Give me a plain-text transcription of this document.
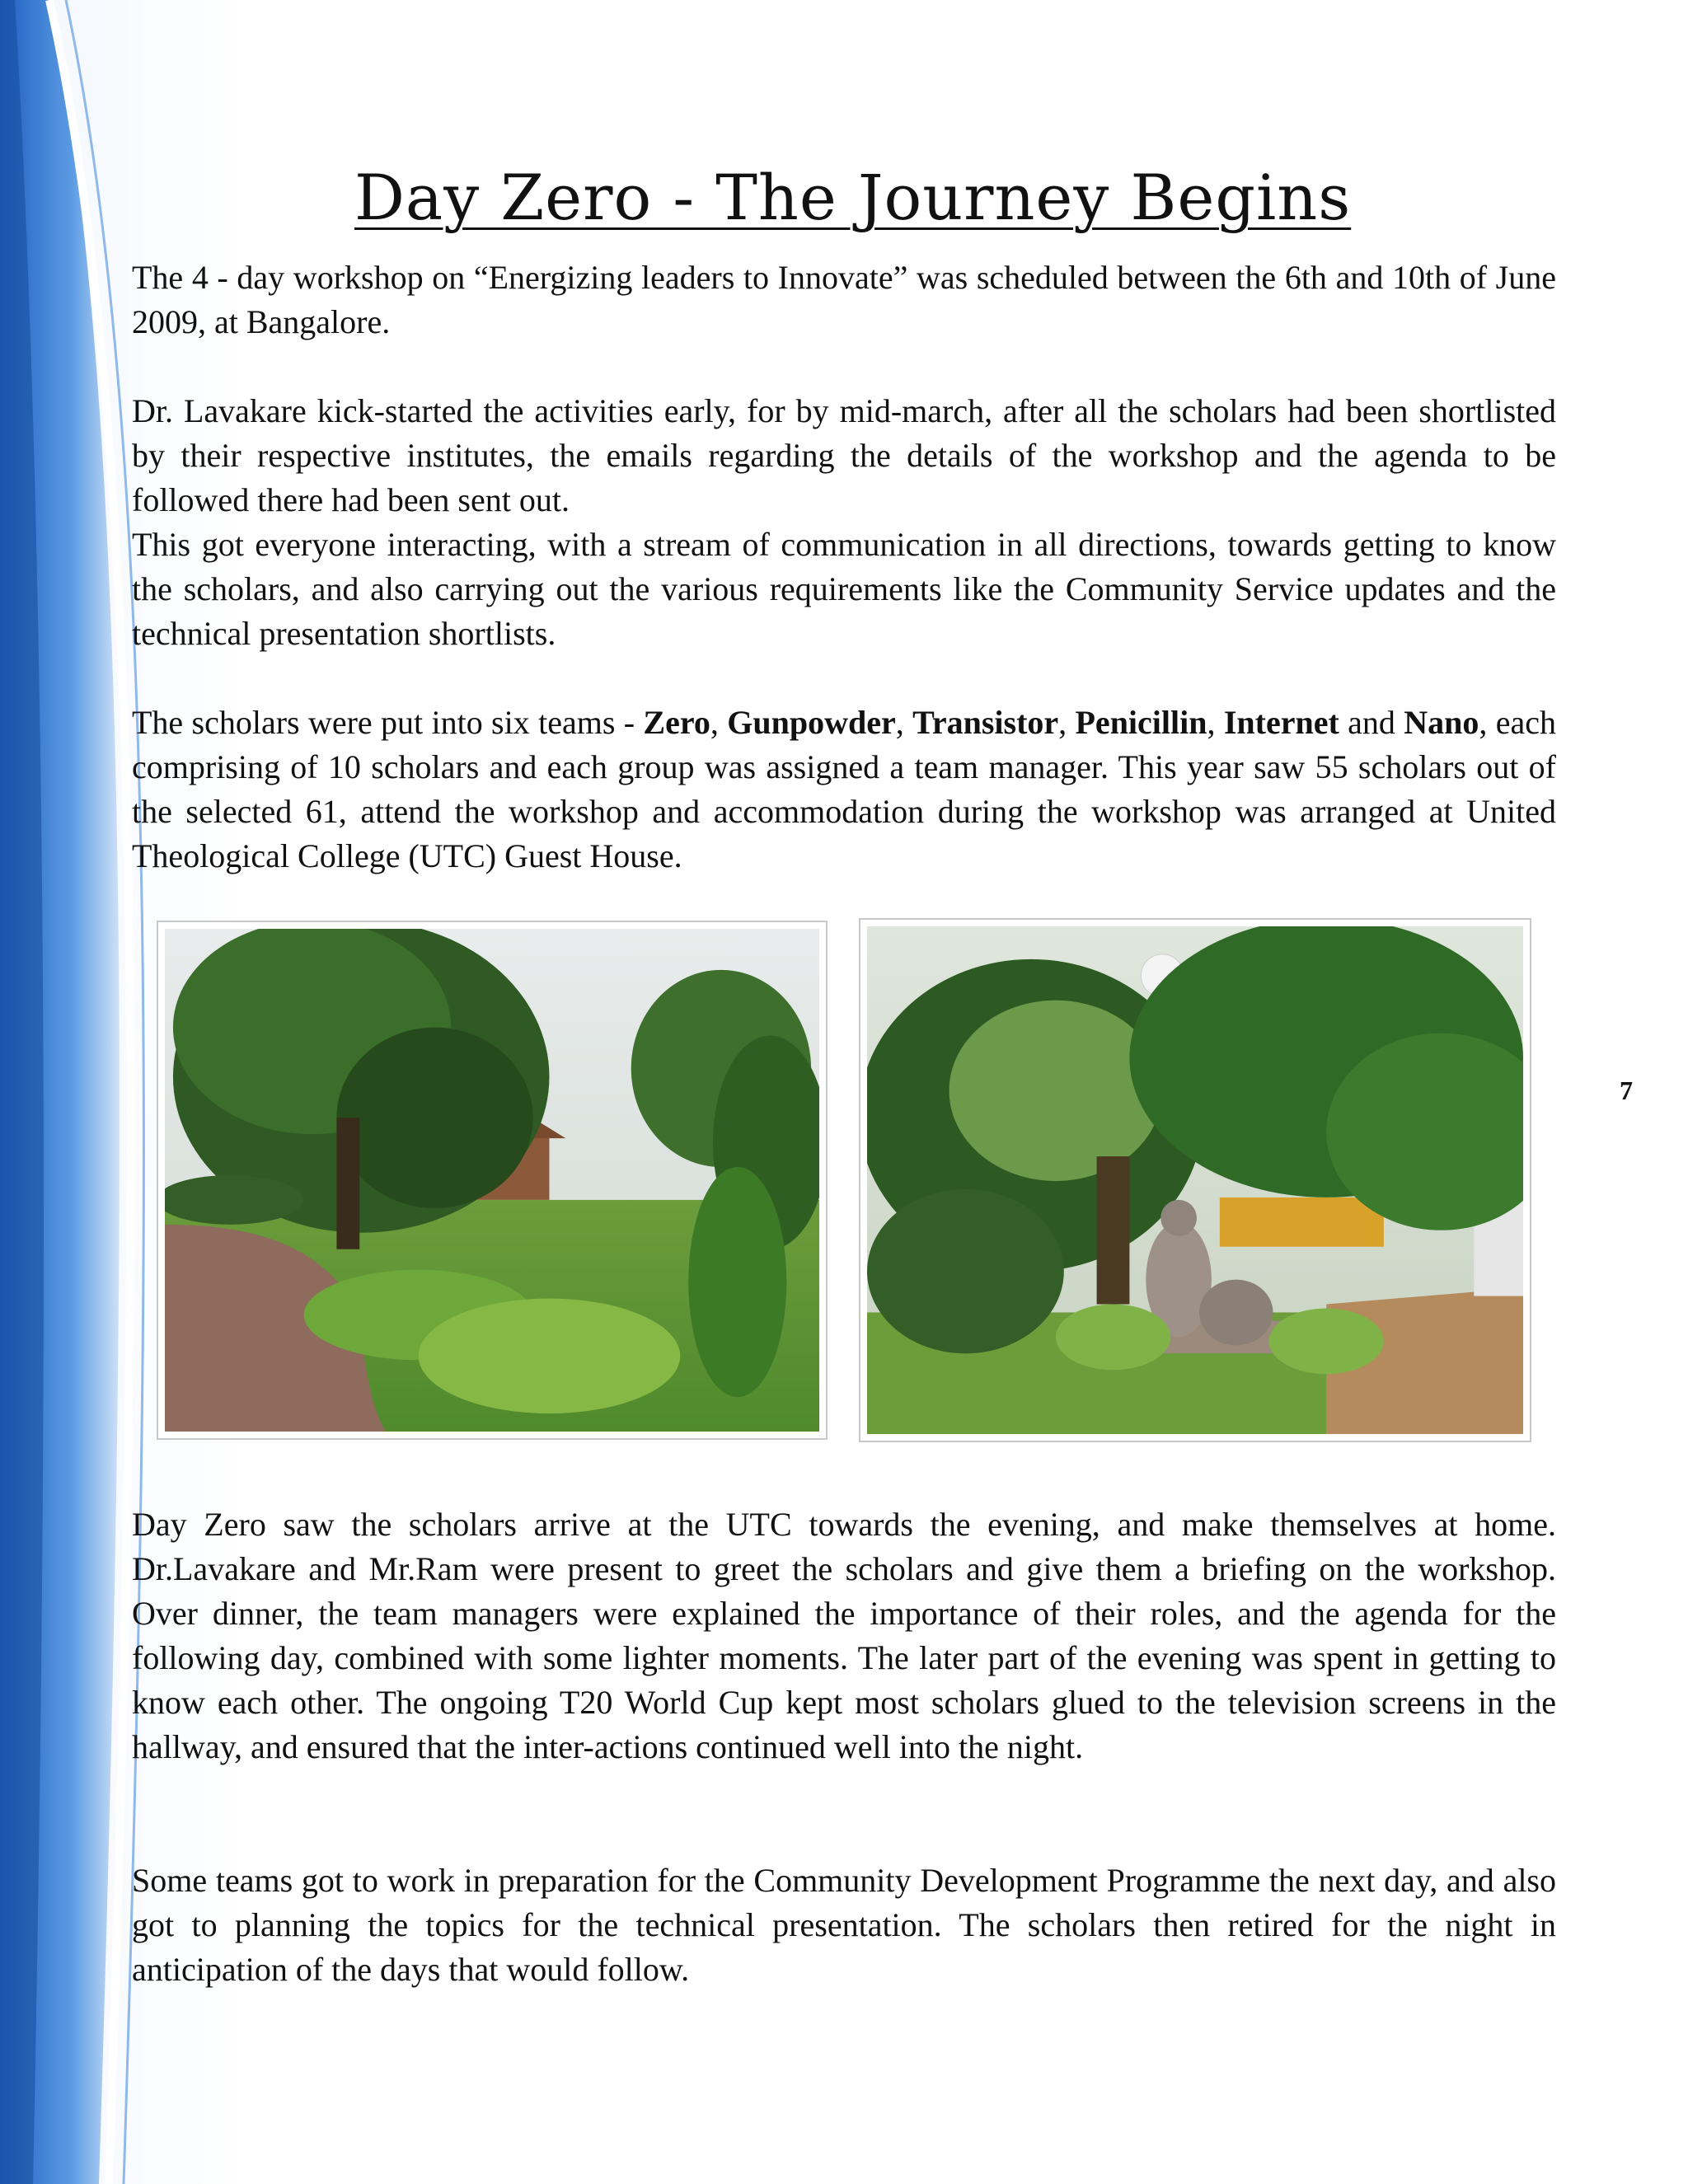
Day Zero - The Journey Begins

The 4 - day workshop on “Energizing leaders to Innovate” was scheduled between the 6th and 10th of June 2009, at Bangalore.

Dr. Lavakare kick-started the activities early, for by mid-march, after all the scholars had been shortlisted by their respective institutes, the emails regarding the details of the workshop and the agenda to be followed there had been sent out.

This got everyone interacting, with a stream of communication in all directions, towards getting to know the scholars, and also carrying out the various requirements like the Community Service updates and the technical presentation shortlists.

The scholars were put into six teams - Zero, Gunpowder, Transistor, Penicillin, Internet and Nano, each comprising of 10 scholars and each group was assigned a team manager. This year saw 55 scholars out of the selected 61, attend the workshop and accommodation during the workshop was arranged at United Theological College (UTC) Guest House.

7

Day Zero saw the scholars arrive at the UTC towards the evening, and make themselves at home. Dr.Lavakare and Mr.Ram were present to greet the scholars and give them a briefing on the workshop. Over dinner, the team managers were explained the importance of their roles, and the agenda for the following day, combined with some lighter moments. The later part of the evening was spent in getting to know each other. The ongoing T20 World Cup kept most scholars glued to the television screens in the hallway, and ensured that the inter-actions continued well into the night.

Some teams got to work in preparation for the Community Development Programme the next day, and also got to planning the topics for the technical presentation. The scholars then retired for the night in anticipation of the days that would follow.
